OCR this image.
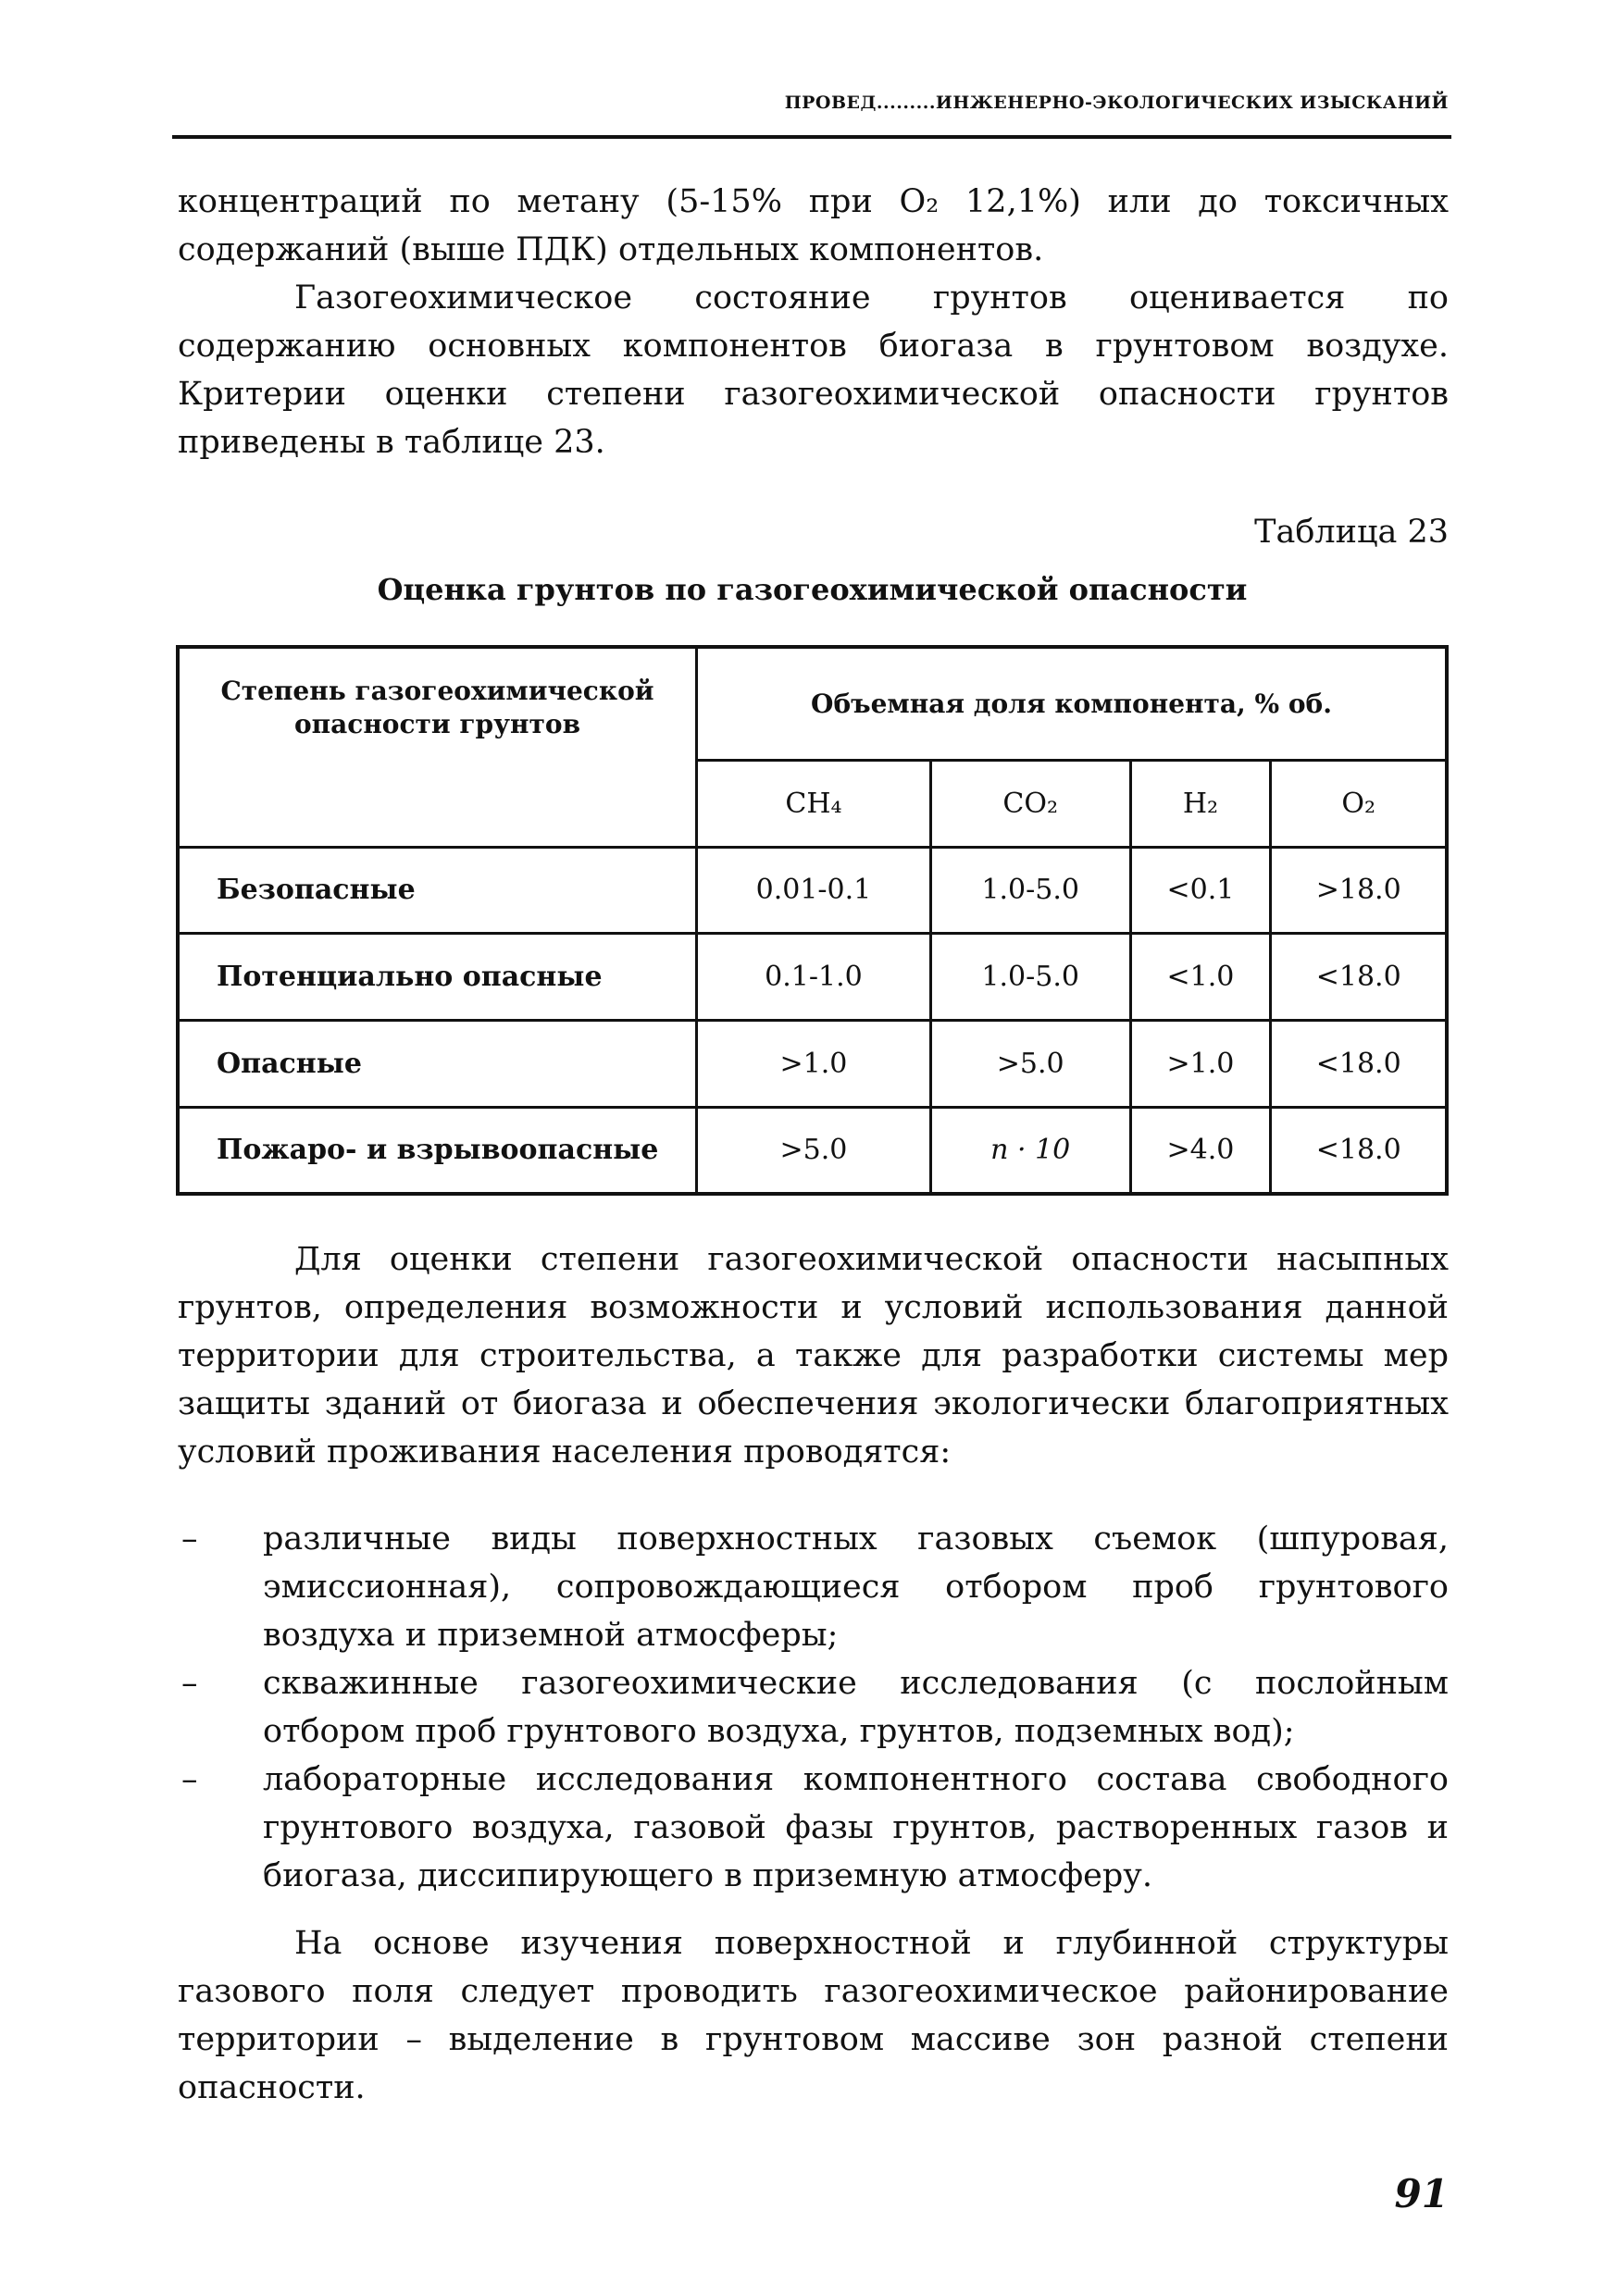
ПРОВЕД.........ИНЖЕНЕРНО-ЭКОЛОГИЧЕСКИХ ИЗЫСКАНИЙ

концентраций по метану (5-15% при O₂ 12,1%) или до токсичных содержаний (выше ПДК) отдельных компонентов.

Газогеохимическое состояние грунтов оценивается по содержанию основных компонентов биогаза в грунтовом воздухе. Критерии оценки степени газогеохимической опасности грунтов приведены в таблице 23.

Таблица 23
Оценка грунтов по газогеохимической опасности
Степень газогеохимической опасности грунтов	Объемная доля компонента, % об.			
	CH₄	CO₂	H₂	O₂
Безопасные	0.01-0.1	1.0-5.0	<0.1	>18.0
Потенциально опасные	0.1-1.0	1.0-5.0	<1.0	<18.0
Опасные	>1.0	>5.0	>1.0	<18.0
Пожаро- и взрывоопасные	>5.0	n · 10	>4.0	<18.0

Для оценки степени газогеохимической опасности насыпных грунтов, определения возможности и условий использования данной территории для строительства, а также для разработки системы мер защиты зданий от биогаза и обеспечения экологически благоприятных условий проживания населения проводятся:

– различные виды поверхностных газовых съемок (шпуровая, эмиссионная), сопровождающиеся отбором проб грунтового воздуха и приземной атмосферы;
– скважинные газогеохимические исследования (с послойным отбором проб грунтового воздуха, грунтов, подземных вод);
– лабораторные исследования компонентного состава свободного грунтового воздуха, газовой фазы грунтов, растворенных газов и биогаза, диссипирующего в приземную атмосферу.

На основе изучения поверхностной и глубинной структуры газового поля следует проводить газогеохимическое районирование территории – выделение в грунтовом массиве зон разной степени опасности.

91
